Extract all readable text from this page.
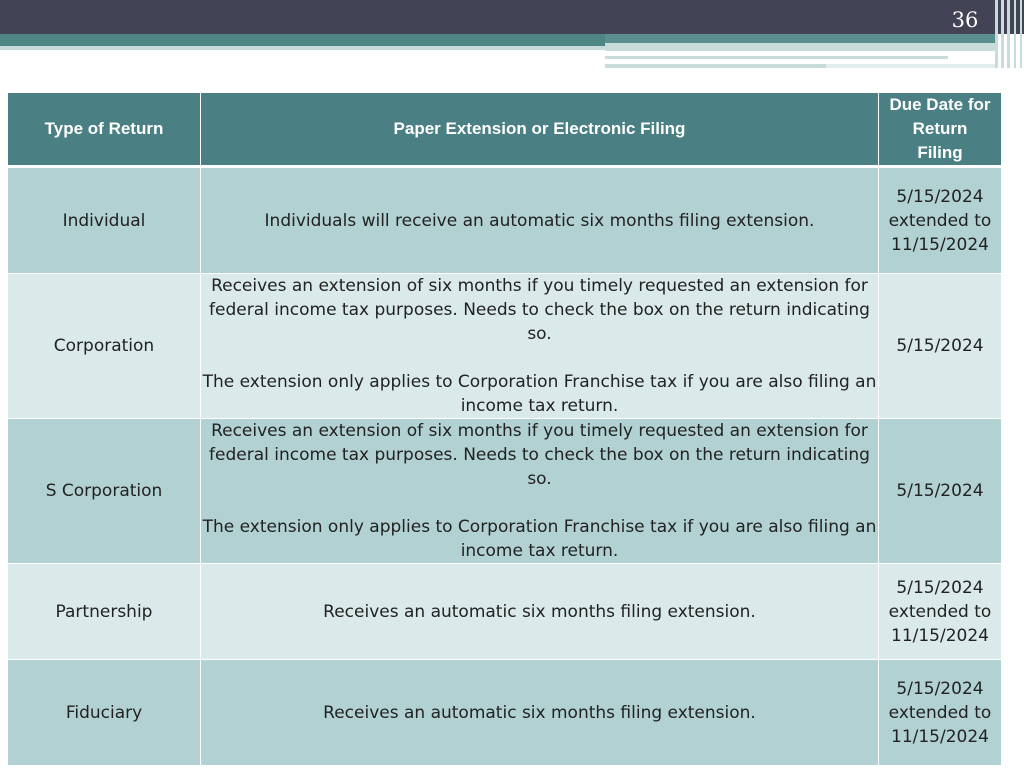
36
Type of Return	Paper Extension or Electronic Filing	Due Date for
Return
Filing

Individual	Individuals will receive an automatic six months filing extension.	5/15/2024
extended to
11/15/2024

Corporation	Receives an extension of six months if you timely requested an extension for federal income tax purposes. Needs to check the box on the return indicating so.
The extension only applies to Corporation Franchise tax if you are also filing an income tax return.	5/15/2024

S Corporation	Receives an extension of six months if you timely requested an extension for federal income tax purposes. Needs to check the box on the return indicating so.
The extension only applies to Corporation Franchise tax if you are also filing an income tax return.	5/15/2024

Partnership	Receives an automatic six months filing extension.	5/15/2024
extended to
11/15/2024

Fiduciary	Receives an automatic six months filing extension.	5/15/2024
extended to
11/15/2024
